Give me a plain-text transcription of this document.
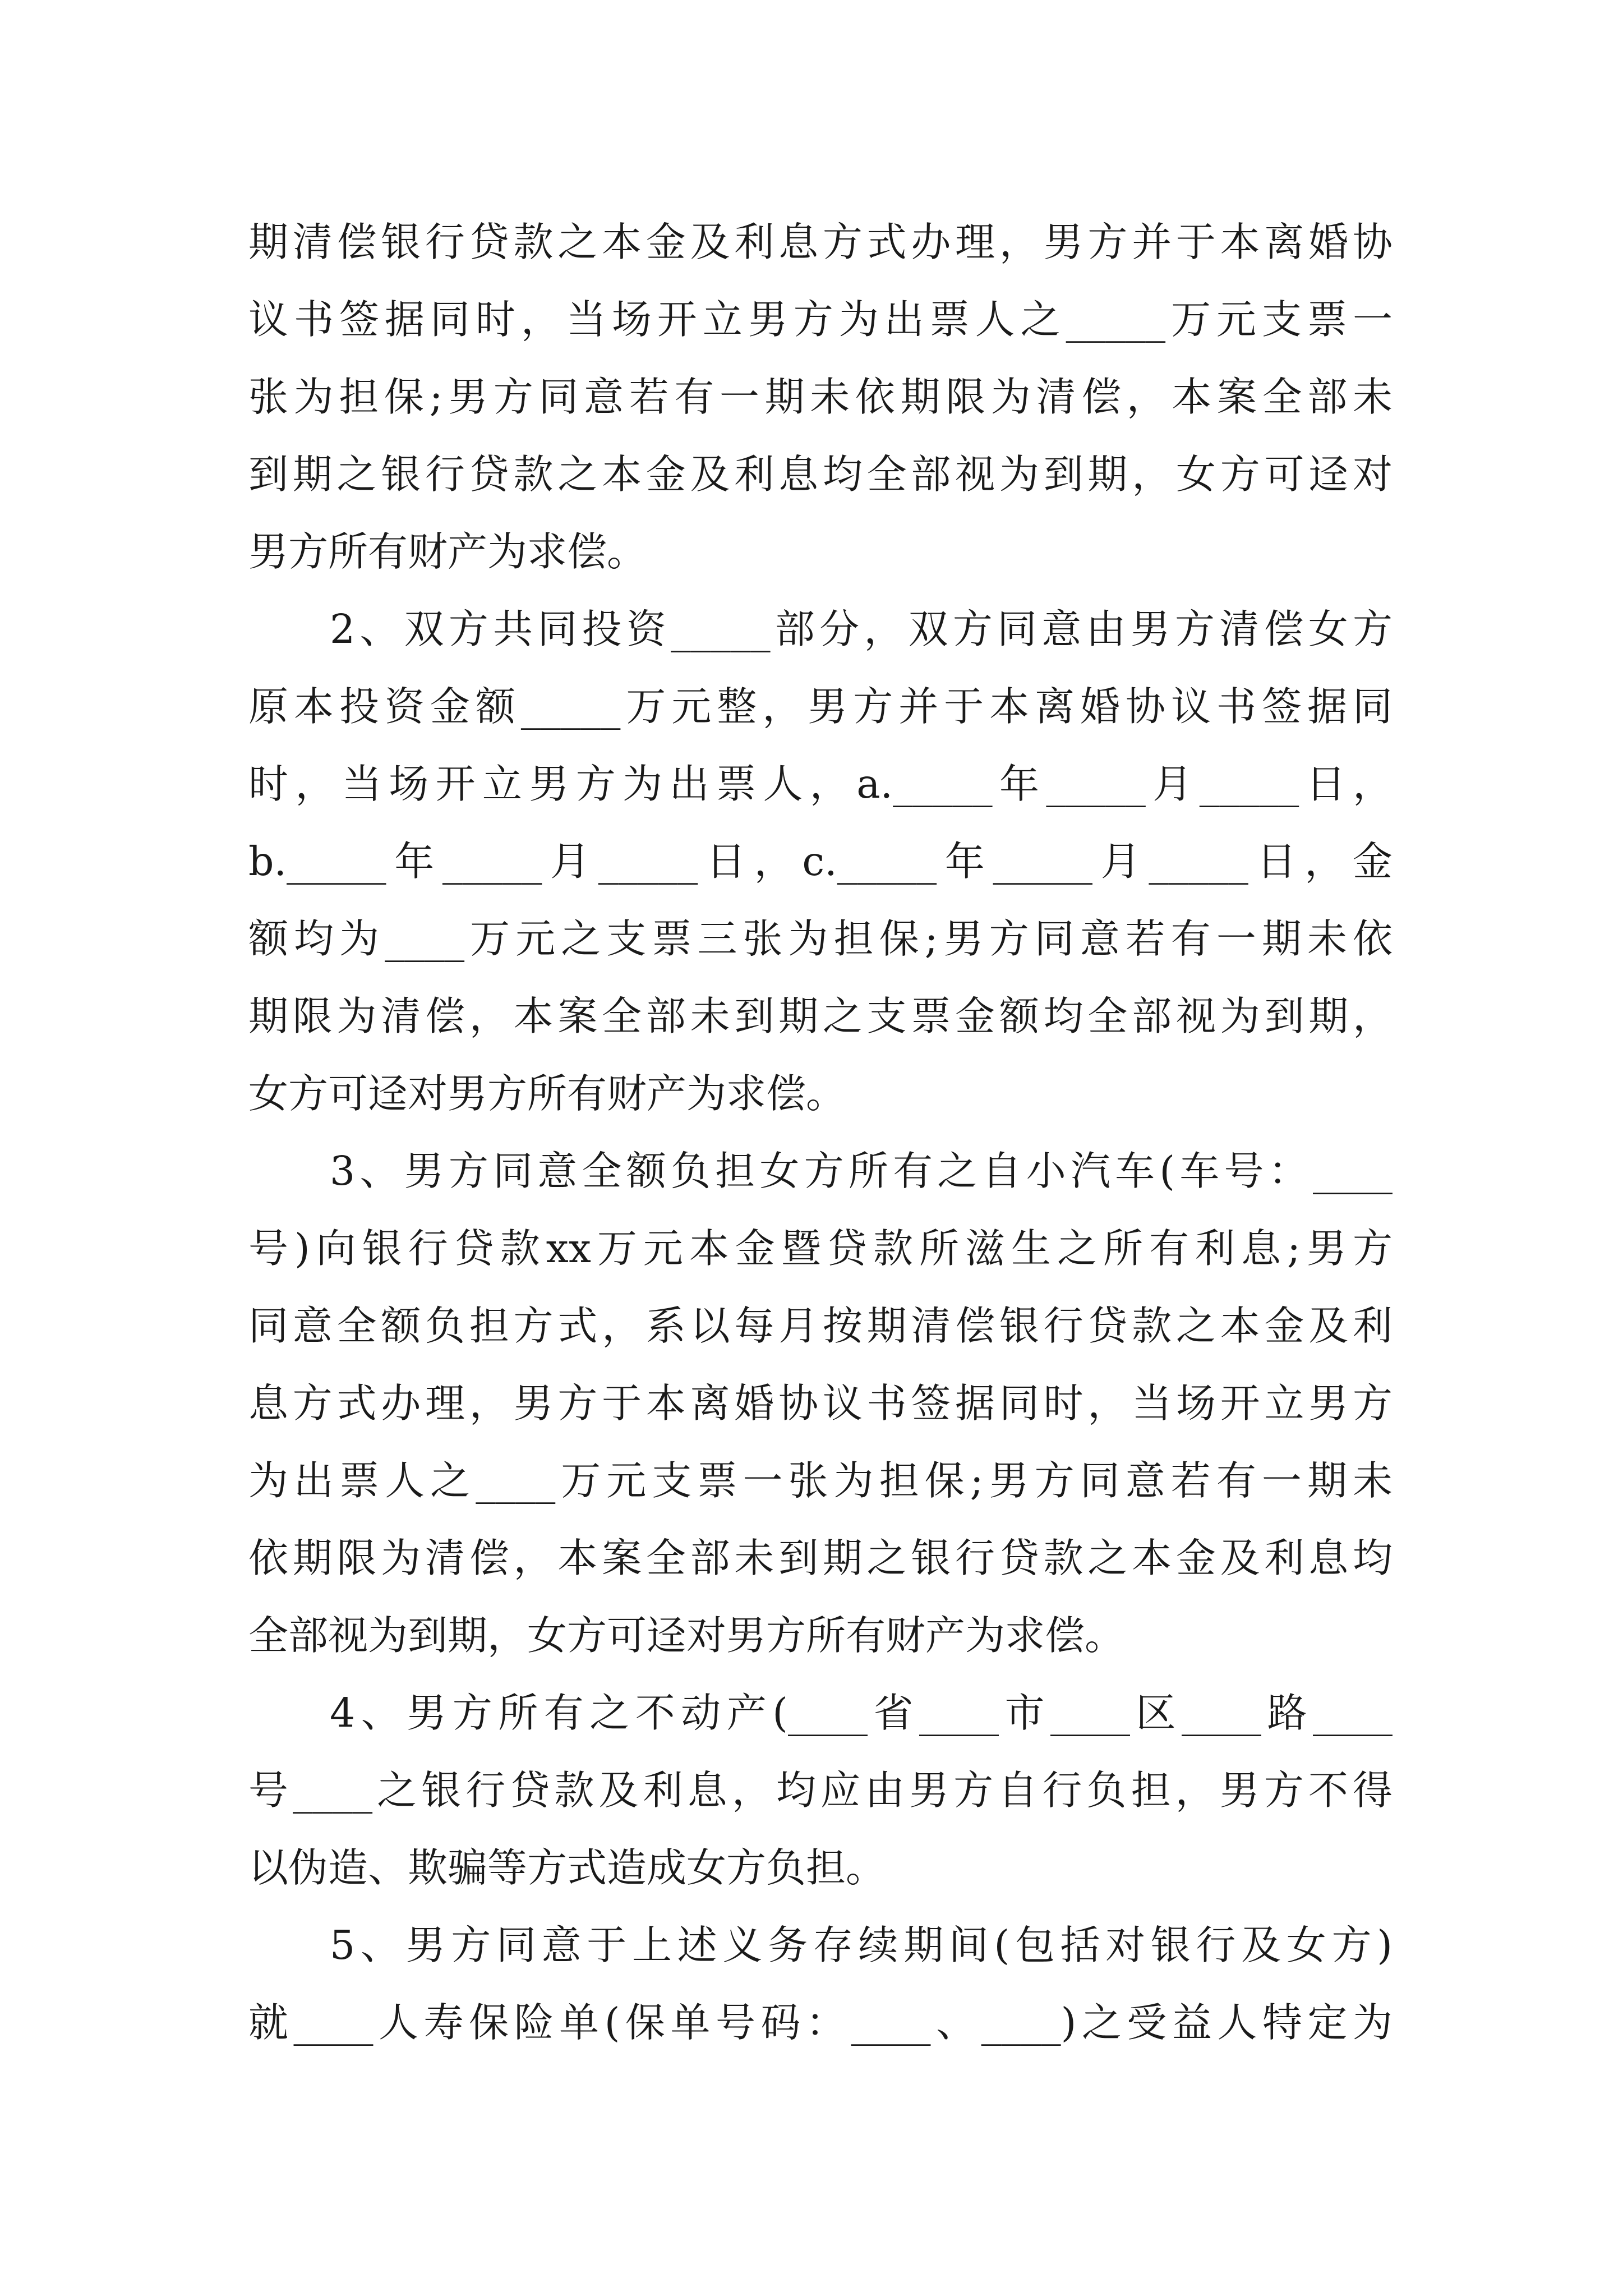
期清偿银行贷款之本金及利息方式办理，男方并于本离婚协
议书签据同时，当场开立男方为出票人之_____万元支票一
张为担保;男方同意若有一期未依期限为清偿，本案全部未
到期之银行贷款之本金及利息均全部视为到期，女方可迳对
男方所有财产为求偿。
2、双方共同投资_____部分，双方同意由男方清偿女方
原本投资金额_____万元整，男方并于本离婚协议书签据同
时，当场开立男方为出票人，a._____年_____月_____日，
b._____年_____月_____日，c._____年_____月_____日，金
额均为____万元之支票三张为担保;男方同意若有一期未依
期限为清偿，本案全部未到期之支票金额均全部视为到期，
女方可迳对男方所有财产为求偿。
3、男方同意全额负担女方所有之自小汽车(车号：____
号)向银行贷款xx万元本金暨贷款所滋生之所有利息;男方
同意全额负担方式，系以每月按期清偿银行贷款之本金及利
息方式办理，男方于本离婚协议书签据同时，当场开立男方
为出票人之____万元支票一张为担保;男方同意若有一期未
依期限为清偿，本案全部未到期之银行贷款之本金及利息均
全部视为到期，女方可迳对男方所有财产为求偿。
4、男方所有之不动产(____省____市____区____路____
号____之银行贷款及利息，均应由男方自行负担，男方不得
以伪造、欺骗等方式造成女方负担。
5、男方同意于上述义务存续期间(包括对银行及女方)
就____人寿保险单(保单号码：____、____)之受益人特定为
